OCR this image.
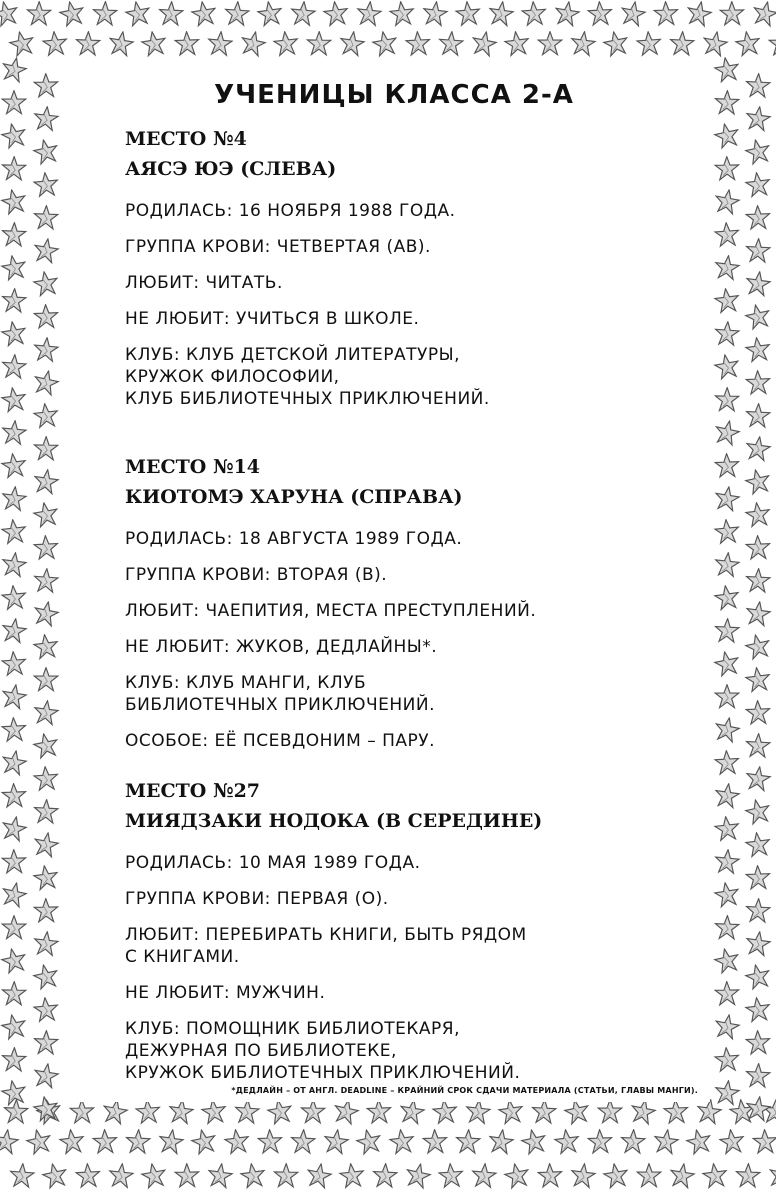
УЧЕНИЦЫ КЛАССА 2-А
МЕСТО №4
АЯСЭ ЮЭ (СЛЕВА)
РОДИЛАСЬ: 16 НОЯБРЯ 1988 ГОДА.
ГРУППА КРОВИ: ЧЕТВЕРТАЯ (АВ).
ЛЮБИТ: ЧИТАТЬ.
НЕ ЛЮБИТ: УЧИТЬСЯ В ШКОЛЕ.
КЛУБ: КЛУБ ДЕТСКОЙ ЛИТЕРАТУРЫ,
КРУЖОК ФИЛОСОФИИ,
КЛУБ БИБЛИОТЕЧНЫХ ПРИКЛЮЧЕНИЙ.
МЕСТО №14
КИОТОМЭ ХАРУНА (СПРАВА)
РОДИЛАСЬ: 18 АВГУСТА 1989 ГОДА.
ГРУППА КРОВИ: ВТОРАЯ (В).
ЛЮБИТ: ЧАЕПИТИЯ, МЕСТА ПРЕСТУПЛЕНИЙ.
НЕ ЛЮБИТ: ЖУКОВ, ДЕДЛАЙНЫ*.
КЛУБ: КЛУБ МАНГИ, КЛУБ
БИБЛИОТЕЧНЫХ ПРИКЛЮЧЕНИЙ.
ОСОБОЕ: ЕЁ ПСЕВДОНИМ – ПАРУ.
МЕСТО №27
МИЯДЗАКИ НОДОКА (В СЕРЕДИНЕ)
РОДИЛАСЬ: 10 МАЯ 1989 ГОДА.
ГРУППА КРОВИ: ПЕРВАЯ (О).
ЛЮБИТ: ПЕРЕБИРАТЬ КНИГИ, БЫТЬ РЯДОМ
С КНИГАМИ.
НЕ ЛЮБИТ: МУЖЧИН.
КЛУБ: ПОМОЩНИК БИБЛИОТЕКАРЯ,
ДЕЖУРНАЯ ПО БИБЛИОТЕКЕ,
КРУЖОК БИБЛИОТЕЧНЫХ ПРИКЛЮЧЕНИЙ.
*ДЕДЛАЙН – ОТ АНГЛ. DEADLINE – КРАЙНИЙ СРОК СДАЧИ МАТЕРИАЛА (СТАТЬИ, ГЛАВЫ МАНГИ).
